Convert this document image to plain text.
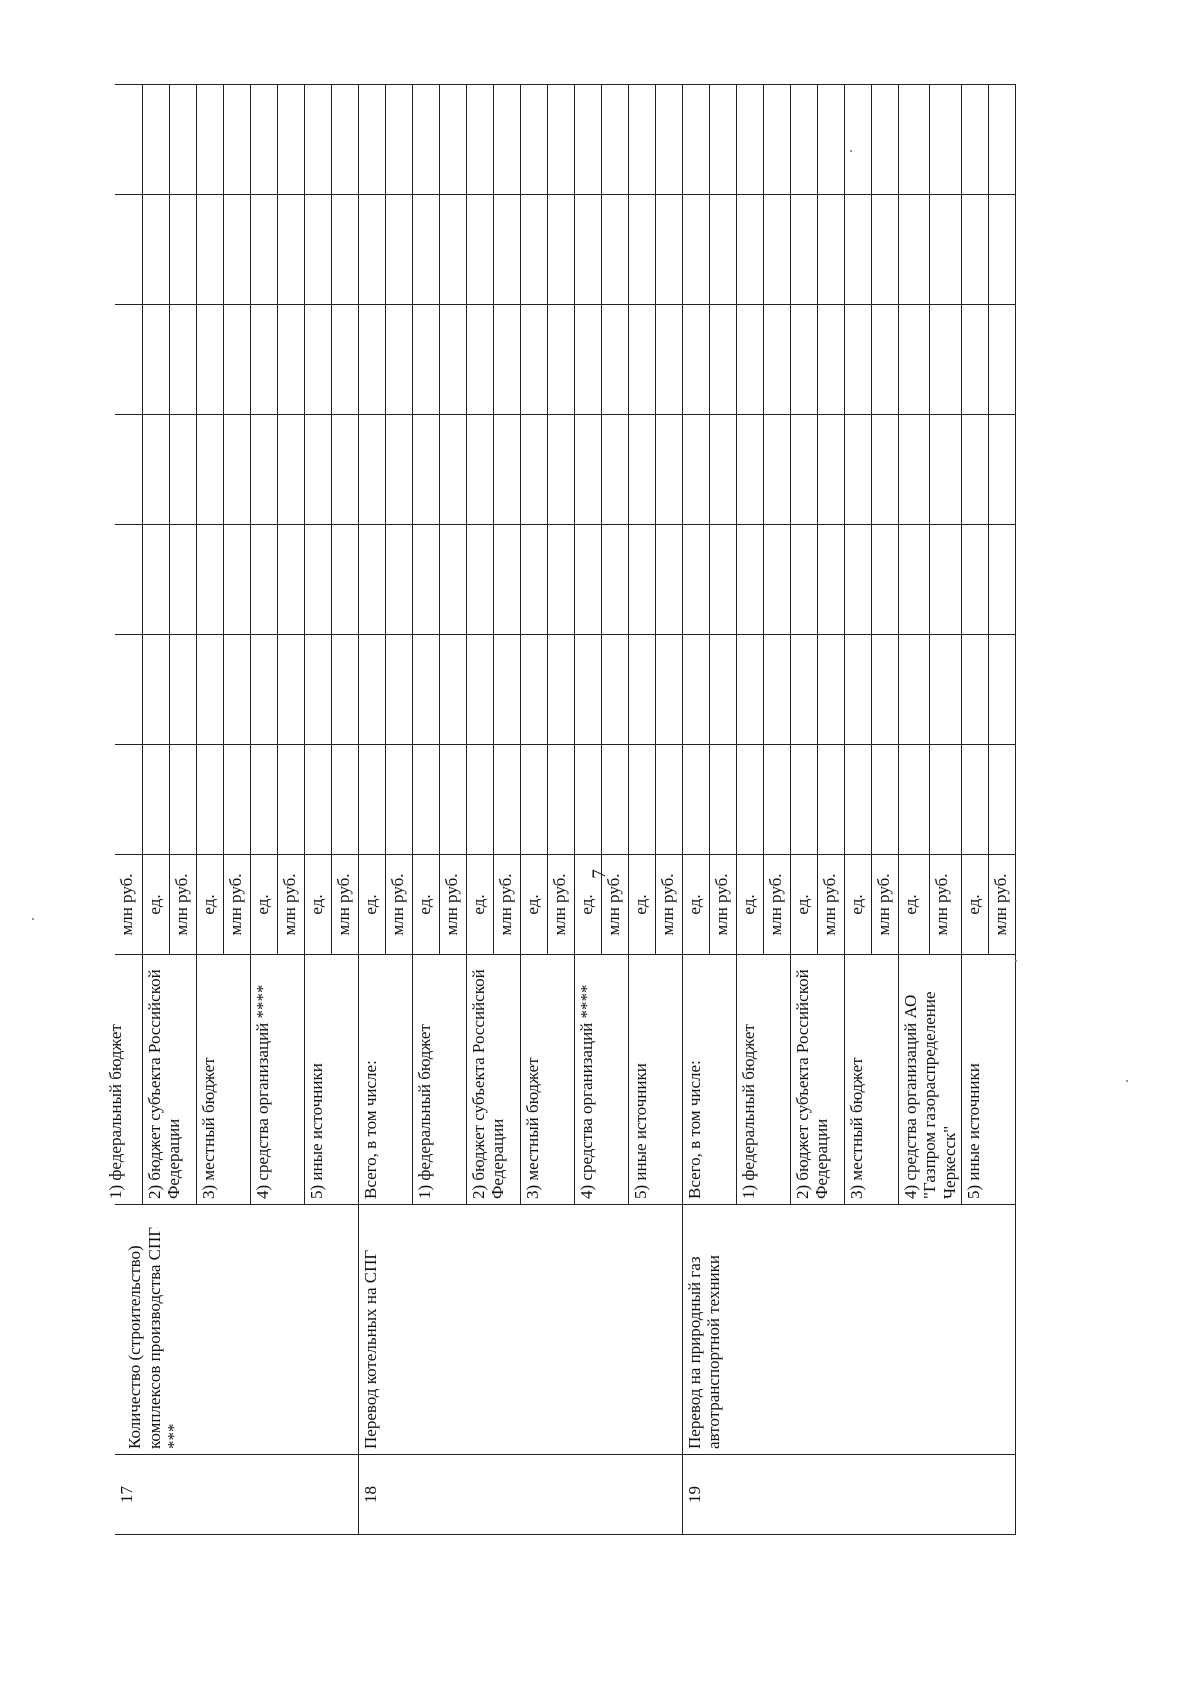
7
17	Количество (строительство) комплексов производства СПГ ***	1) федеральный бюджет	млн руб.							
		2) бюджет субъекта Российской Федерации	ед.							
			млн руб.							
		3) местный бюджет	ед.							
			млн руб.							
		4) средства организаций ****	ед.							
			млн руб.							
		5) иные источники	ед.							
			млн руб.							
18	Перевод котельных на СПГ	Всего, в том числе:	ед.							
			млн руб.							
		1) федеральный бюджет	ед.							
			млн руб.							
		2) бюджет субъекта Российской Федерации	ед.							
			млн руб.							
		3) местный бюджет	ед.							
			млн руб.							
		4) средства организаций ****	ед.							
			млн руб.							
		5) иные источники	ед.							
			млн руб.							
19	Перевод на природный газ автотранспортной техники	Всего, в том числе:	ед.							
			млн руб.							
		1) федеральный бюджет	ед.							
			млн руб.							
		2) бюджет субъекта Российской Федерации	ед.							
			млн руб.							
		3) местный бюджет	ед.							
			млн руб.							
		4) средства организаций АО "Газпром газораспределение Черкесск"	ед.							
			млн руб.							
		5) иные источники	ед.							
			млн руб.							
